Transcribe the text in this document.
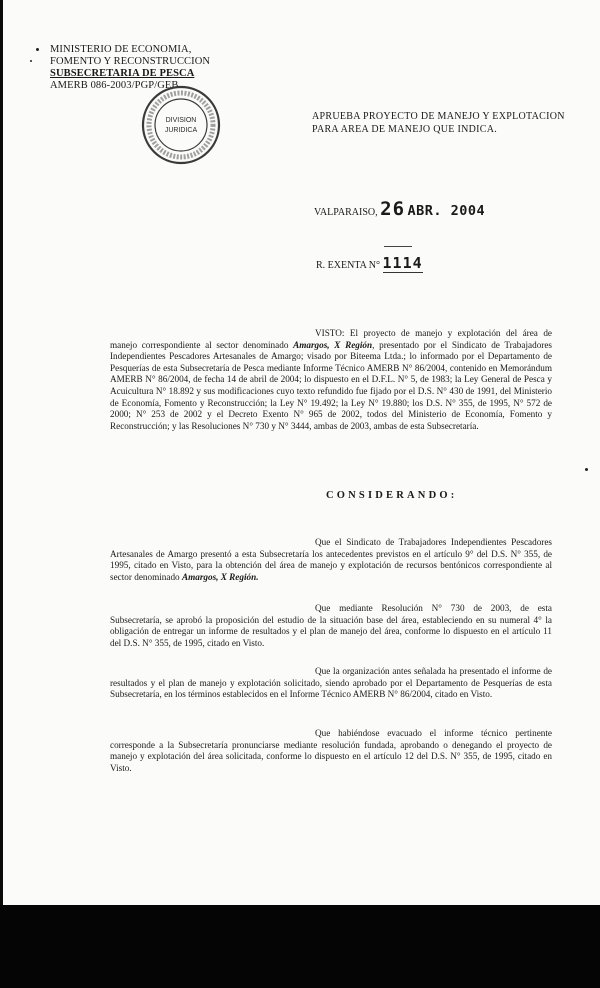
MINISTERIO DE ECONOMIA,
FOMENTO Y RECONSTRUCCION
SUBSECRETARIA DE PESCA
AMERB 086-2003/PGP/GEB
DIVISION
JURIDICA
APRUEBA PROYECTO DE MANEJO Y EXPLOTACION PARA AREA DE MANEJO QUE INDICA.
VALPARAISO, 26 ABR. 2004
R. EXENTA N° 1114
VISTO: El proyecto de manejo y explotación del área de manejo correspondiente al sector denominado Amargos, X Región, presentado por el Sindicato de Trabajadores Independientes Pescadores Artesanales de Amargo; visado por Biteema Ltda.; lo informado por el Departamento de Pesquerías de esta Subsecretaría de Pesca mediante Informe Técnico AMERB N° 86/2004, contenido en Memorándum AMERB N° 86/2004, de fecha 14 de abril de 2004; lo dispuesto en el D.F.L. N° 5, de 1983; la Ley General de Pesca y Acuicultura N° 18.892 y sus modificaciones cuyo texto refundido fue fijado por el D.S. N° 430 de 1991, del Ministerio de Economía, Fomento y Reconstrucción; la Ley N° 19.492; la Ley N° 19.880; los D.S. N° 355, de 1995, N° 572 de 2000; N° 253 de 2002 y el Decreto Exento N° 965 de 2002, todos del Ministerio de Economía, Fomento y Reconstrucción; y las Resoluciones N° 730 y N° 3444, ambas de 2003, ambas de esta Subsecretaría.
CONSIDERANDO:
Que el Sindicato de Trabajadores Independientes Pescadores Artesanales de Amargo presentó a esta Subsecretaría los antecedentes previstos en el artículo 9° del D.S. N° 355, de 1995, citado en Visto, para la obtención del área de manejo y explotación de recursos bentónicos correspondiente al sector denominado Amargos, X Región.
Que mediante Resolución N° 730 de 2003, de esta Subsecretaría, se aprobó la proposición del estudio de la situación base del área, estableciendo en su numeral 4° la obligación de entregar un informe de resultados y el plan de manejo del área, conforme lo dispuesto en el artículo 11 del D.S. N° 355, de 1995, citado en Visto.
Que la organización antes señalada ha presentado el informe de resultados y el plan de manejo y explotación solicitado, siendo aprobado por el Departamento de Pesquerías de esta Subsecretaría, en los términos establecidos en el Informe Técnico AMERB N° 86/2004, citado en Visto.
Que habiéndose evacuado el informe técnico pertinente corresponde a la Subsecretaría pronunciarse mediante resolución fundada, aprobando o denegando el proyecto de manejo y explotación del área solicitada, conforme lo dispuesto en el artículo 12 del D.S. N° 355, de 1995, citado en Visto.
